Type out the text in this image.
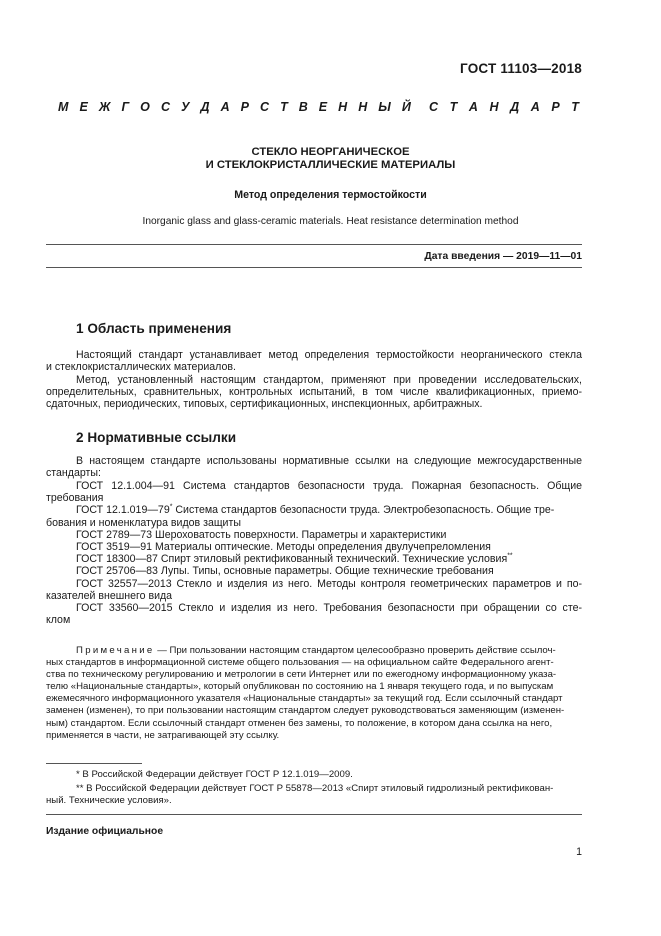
ГОСТ 11103—2018
М Е Ж Г О С У Д А Р С Т В Е Н Н Ы Й С Т А Н Д А Р Т
СТЕКЛО НЕОРГАНИЧЕСКОЕ
И СТЕКЛОКРИСТАЛЛИЧЕСКИЕ МАТЕРИАЛЫ
Метод определения термостойкости
Inorganic glass and glass-ceramic materials. Heat resistance determination method
Дата введения — 2019—11—01
1 Область применения
Настоящий стандарт устанавливает метод определения термостойкости неорганического стекла
и стеклокристаллических материалов.
Метод, установленный настоящим стандартом, применяют при проведении исследовательских,
определительных, сравнительных, контрольных испытаний, в том числе квалификационных, приемо-
сдаточных, периодических, типовых, сертификационных, инспекционных, арбитражных.
2 Нормативные ссылки
В настоящем стандарте использованы нормативные ссылки на следующие межгосударственные
стандарты:
ГОСТ 12.1.004—91 Система стандартов безопасности труда. Пожарная безопасность. Общие
требования
ГОСТ 12.1.019—79* Система стандартов безопасности труда. Электробезопасность. Общие тре-
бования и номенклатура видов защиты
ГОСТ 2789—73 Шероховатость поверхности. Параметры и характеристики
ГОСТ 3519—91 Материалы оптические. Методы определения двулучепреломления
ГОСТ 18300—87 Спирт этиловый ректификованный технический. Технические условия**
ГОСТ 25706—83 Лупы. Типы, основные параметры. Общие технические требования
ГОСТ 32557—2013 Стекло и изделия из него. Методы контроля геометрических параметров и по-
казателей внешнего вида
ГОСТ 33560—2015 Стекло и изделия из него. Требования безопасности при обращении со сте-
клом
Примечание — При пользовании настоящим стандартом целесообразно проверить действие ссылоч-
ных стандартов в информационной системе общего пользования — на официальном сайте Федерального агент-
ства по техническому регулированию и метрологии в сети Интернет или по ежегодному информационному указа-
телю «Национальные стандарты», который опубликован по состоянию на 1 января текущего года, и по выпускам
ежемесячного информационного указателя «Национальные стандарты» за текущий год. Если ссылочный стандарт
заменен (изменен), то при пользовании настоящим стандартом следует руководствоваться заменяющим (изменен-
ным) стандартом. Если ссылочный стандарт отменен без замены, то положение, в котором дана ссылка на него,
применяется в части, не затрагивающей эту ссылку.
* В Российской Федерации действует ГОСТ Р 12.1.019—2009.
** В Российской Федерации действует ГОСТ Р 55878—2013 «Спирт этиловый гидролизный ректификован-
ный. Технические условия».
Издание официальное
1
